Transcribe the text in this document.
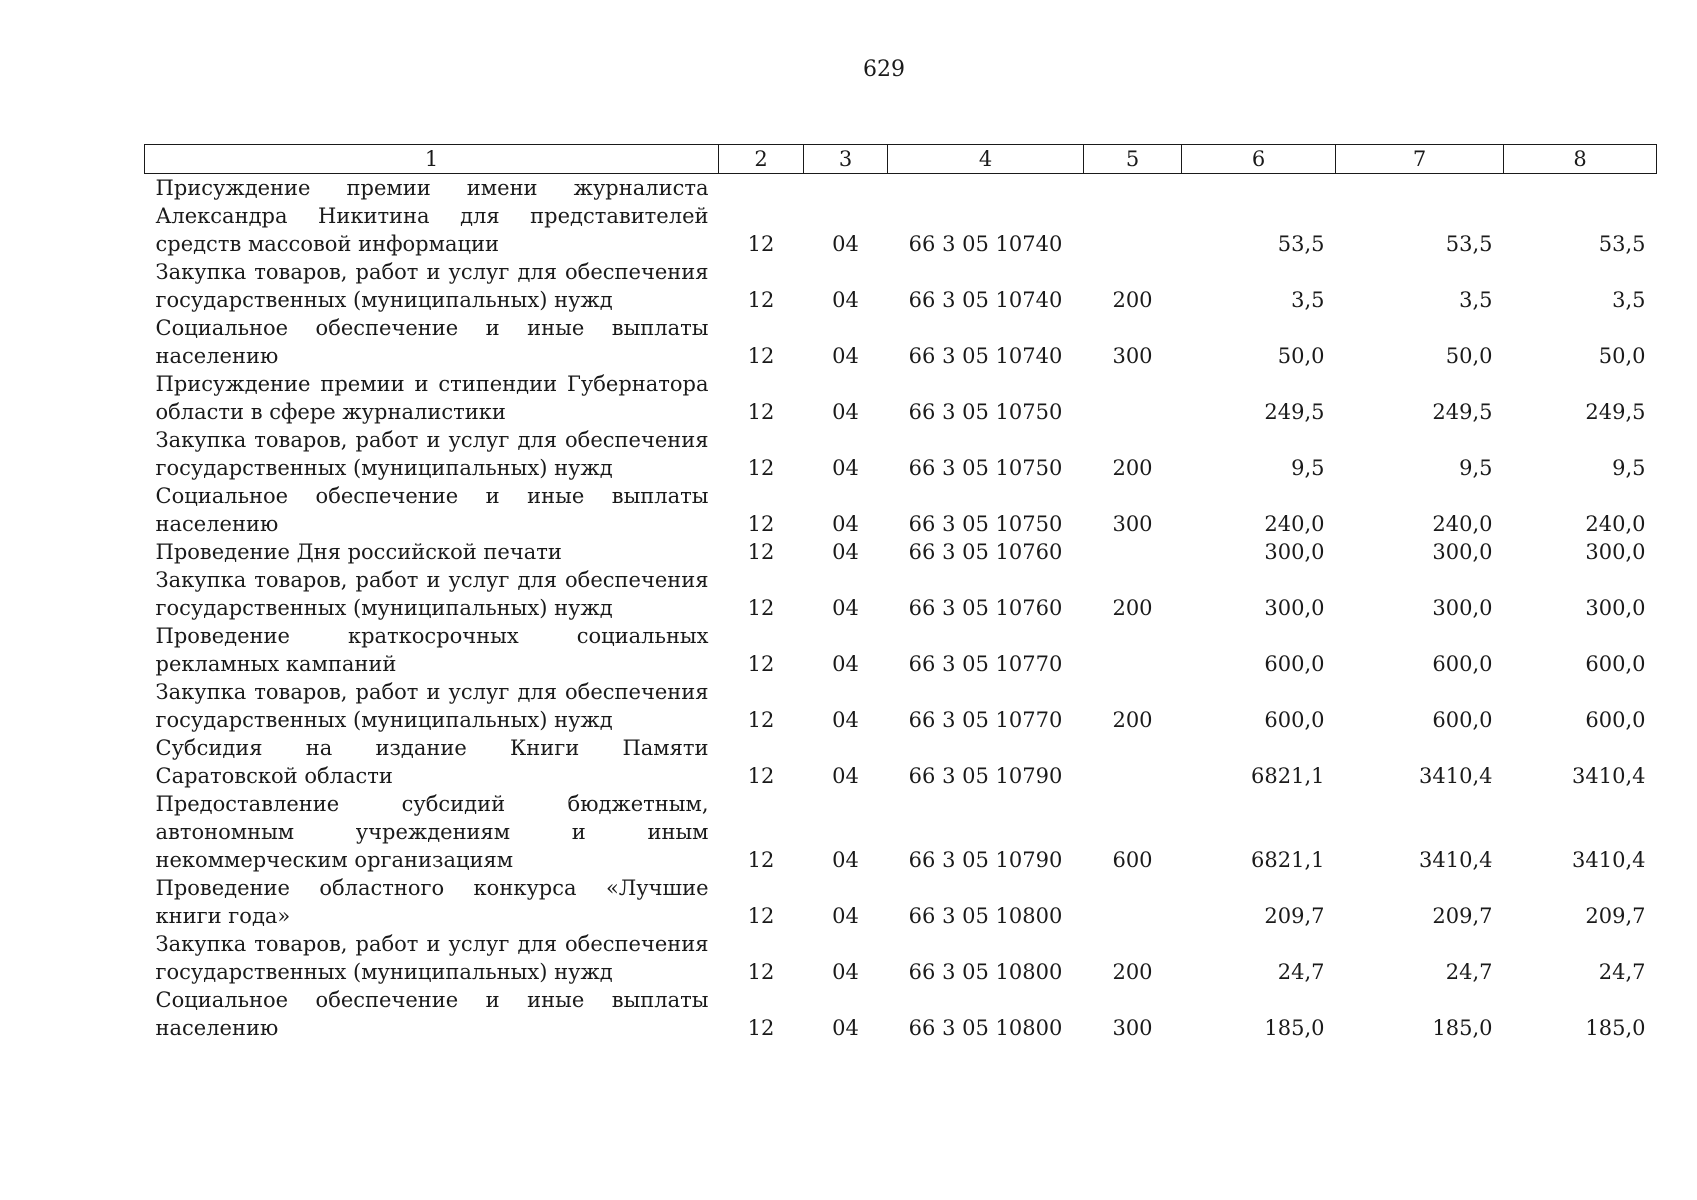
629
1	2	3	4	5	6	7	8
Присуждение премии имени журналиста Александра Никитина для представителей средств массовой информации	12	04	66 3 05 10740		53,5	53,5	53,5
Закупка товаров, работ и услуг для обеспечения государственных (муниципальных) нужд	12	04	66 3 05 10740	200	3,5	3,5	3,5
Социальное обеспечение и иные выплаты населению	12	04	66 3 05 10740	300	50,0	50,0	50,0
Присуждение премии и стипендии Губернатора области в сфере журналистики	12	04	66 3 05 10750		249,5	249,5	249,5
Закупка товаров, работ и услуг для обеспечения государственных (муниципальных) нужд	12	04	66 3 05 10750	200	9,5	9,5	9,5
Социальное обеспечение и иные выплаты населению	12	04	66 3 05 10750	300	240,0	240,0	240,0
Проведение Дня российской печати	12	04	66 3 05 10760		300,0	300,0	300,0
Закупка товаров, работ и услуг для обеспечения государственных (муниципальных) нужд	12	04	66 3 05 10760	200	300,0	300,0	300,0
Проведение краткосрочных социальных рекламных кампаний	12	04	66 3 05 10770		600,0	600,0	600,0
Закупка товаров, работ и услуг для обеспечения государственных (муниципальных) нужд	12	04	66 3 05 10770	200	600,0	600,0	600,0
Субсидия на издание Книги Памяти Саратовской области	12	04	66 3 05 10790		6821,1	3410,4	3410,4
Предоставление субсидий бюджетным, автономным учреждениям и иным некоммерческим организациям	12	04	66 3 05 10790	600	6821,1	3410,4	3410,4
Проведение областного конкурса «Лучшие книги года»	12	04	66 3 05 10800		209,7	209,7	209,7
Закупка товаров, работ и услуг для обеспечения государственных (муниципальных) нужд	12	04	66 3 05 10800	200	24,7	24,7	24,7
Социальное обеспечение и иные выплаты населению	12	04	66 3 05 10800	300	185,0	185,0	185,0
